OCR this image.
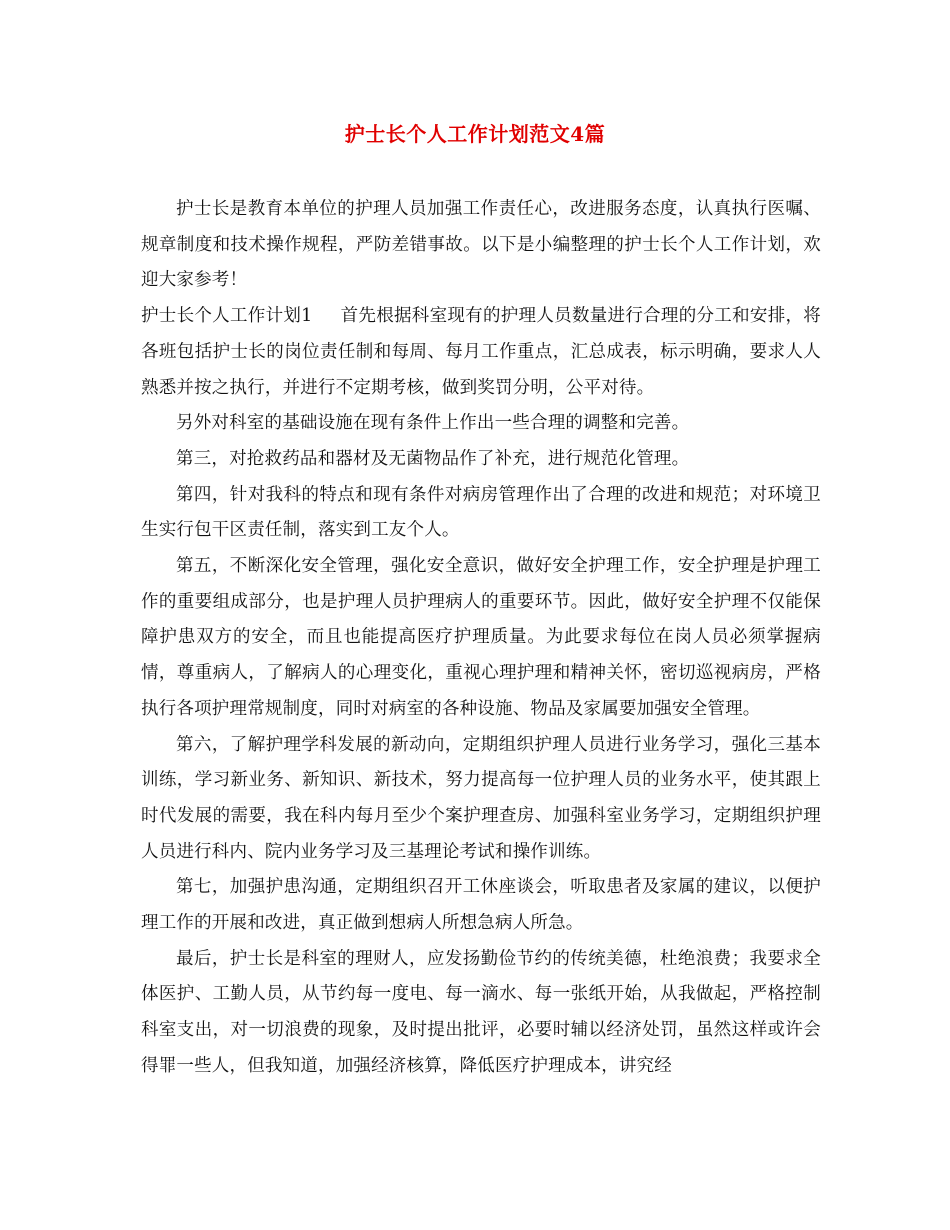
护士长个人工作计划范文4篇

护士长是教育本单位的护理人员加强工作责任心，改进服务态度，认真执行医嘱、规章制度和技术操作规程，严防差错事故。以下是小编整理的护士长个人工作计划，欢迎大家参考！

护士长个人工作计划1 首先根据科室现有的护理人员数量进行合理的分工和安排，将各班包括护士长的岗位责任制和每周、每月工作重点，汇总成表，标示明确，要求人人熟悉并按之执行，并进行不定期考核，做到奖罚分明，公平对待。

另外对科室的基础设施在现有条件上作出一些合理的调整和完善。

第三，对抢救药品和器材及无菌物品作了补充，进行规范化管理。

第四，针对我科的特点和现有条件对病房管理作出了合理的改进和规范；对环境卫生实行包干区责任制，落实到工友个人。

第五，不断深化安全管理，强化安全意识，做好安全护理工作，安全护理是护理工作的重要组成部分，也是护理人员护理病人的重要环节。因此，做好安全护理不仅能保障护患双方的安全，而且也能提高医疗护理质量。为此要求每位在岗人员必须掌握病情，尊重病人，了解病人的心理变化，重视心理护理和精神关怀，密切巡视病房，严格执行各项护理常规制度，同时对病室的各种设施、物品及家属要加强安全管理。

第六，了解护理学科发展的新动向，定期组织护理人员进行业务学习，强化三基本训练，学习新业务、新知识、新技术，努力提高每一位护理人员的业务水平，使其跟上时代发展的需要，我在科内每月至少个案护理查房、加强科室业务学习，定期组织护理人员进行科内、院内业务学习及三基理论考试和操作训练。

第七，加强护患沟通，定期组织召开工休座谈会，听取患者及家属的建议，以便护理工作的开展和改进，真正做到想病人所想急病人所急。

最后，护士长是科室的理财人，应发扬勤俭节约的传统美德，杜绝浪费；我要求全体医护、工勤人员，从节约每一度电、每一滴水、每一张纸开始，从我做起，严格控制科室支出，对一切浪费的现象，及时提出批评，必要时辅以经济处罚，虽然这样或许会得罪一些人，但我知道，加强经济核算，降低医疗护理成本，讲究经
